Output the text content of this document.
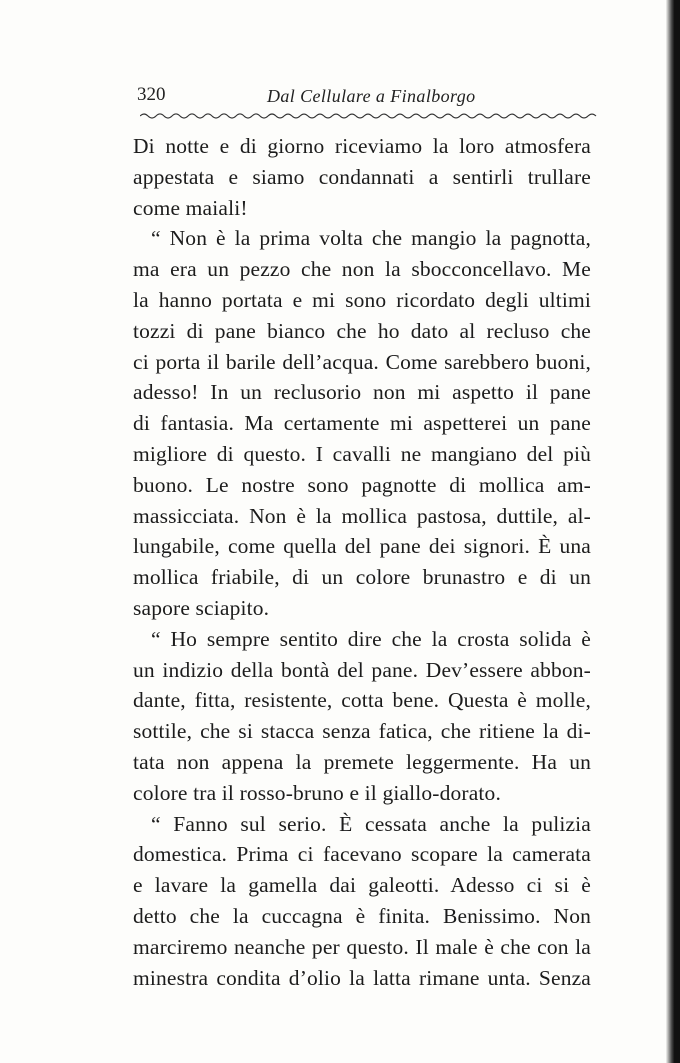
320	Dal Cellulare a Finalborgo
Di notte e di giorno riceviamo la loro atmosfera
appestata e siamo condannati a sentirli trullare
come maiali!
“ Non è la prima volta che mangio la pagnotta,
ma era un pezzo che non la sbocconcellavo. Me
la hanno portata e mi sono ricordato degli ultimi
tozzi di pane bianco che ho dato al recluso che
ci porta il barile dell’acqua. Come sarebbero buoni,
adesso! In un reclusorio non mi aspetto il pane
di fantasia. Ma certamente mi aspetterei un pane
migliore di questo. I cavalli ne mangiano del più
buono. Le nostre sono pagnotte di mollica am-
massicciata. Non è la mollica pastosa, duttile, al-
lungabile, come quella del pane dei signori. È una
mollica friabile, di un colore brunastro e di un
sapore sciapito.
“ Ho sempre sentito dire che la crosta solida è
un indizio della bontà del pane. Dev’essere abbon-
dante, fitta, resistente, cotta bene. Questa è molle,
sottile, che si stacca senza fatica, che ritiene la di-
tata non appena la premete leggermente. Ha un
colore tra il rosso-bruno e il giallo-dorato.
“ Fanno sul serio. È cessata anche la pulizia
domestica. Prima ci facevano scopare la camerata
e lavare la gamella dai galeotti. Adesso ci si è
detto che la cuccagna è finita. Benissimo. Non
marciremo neanche per questo. Il male è che con la
minestra condita d’olio la latta rimane unta. Senza
